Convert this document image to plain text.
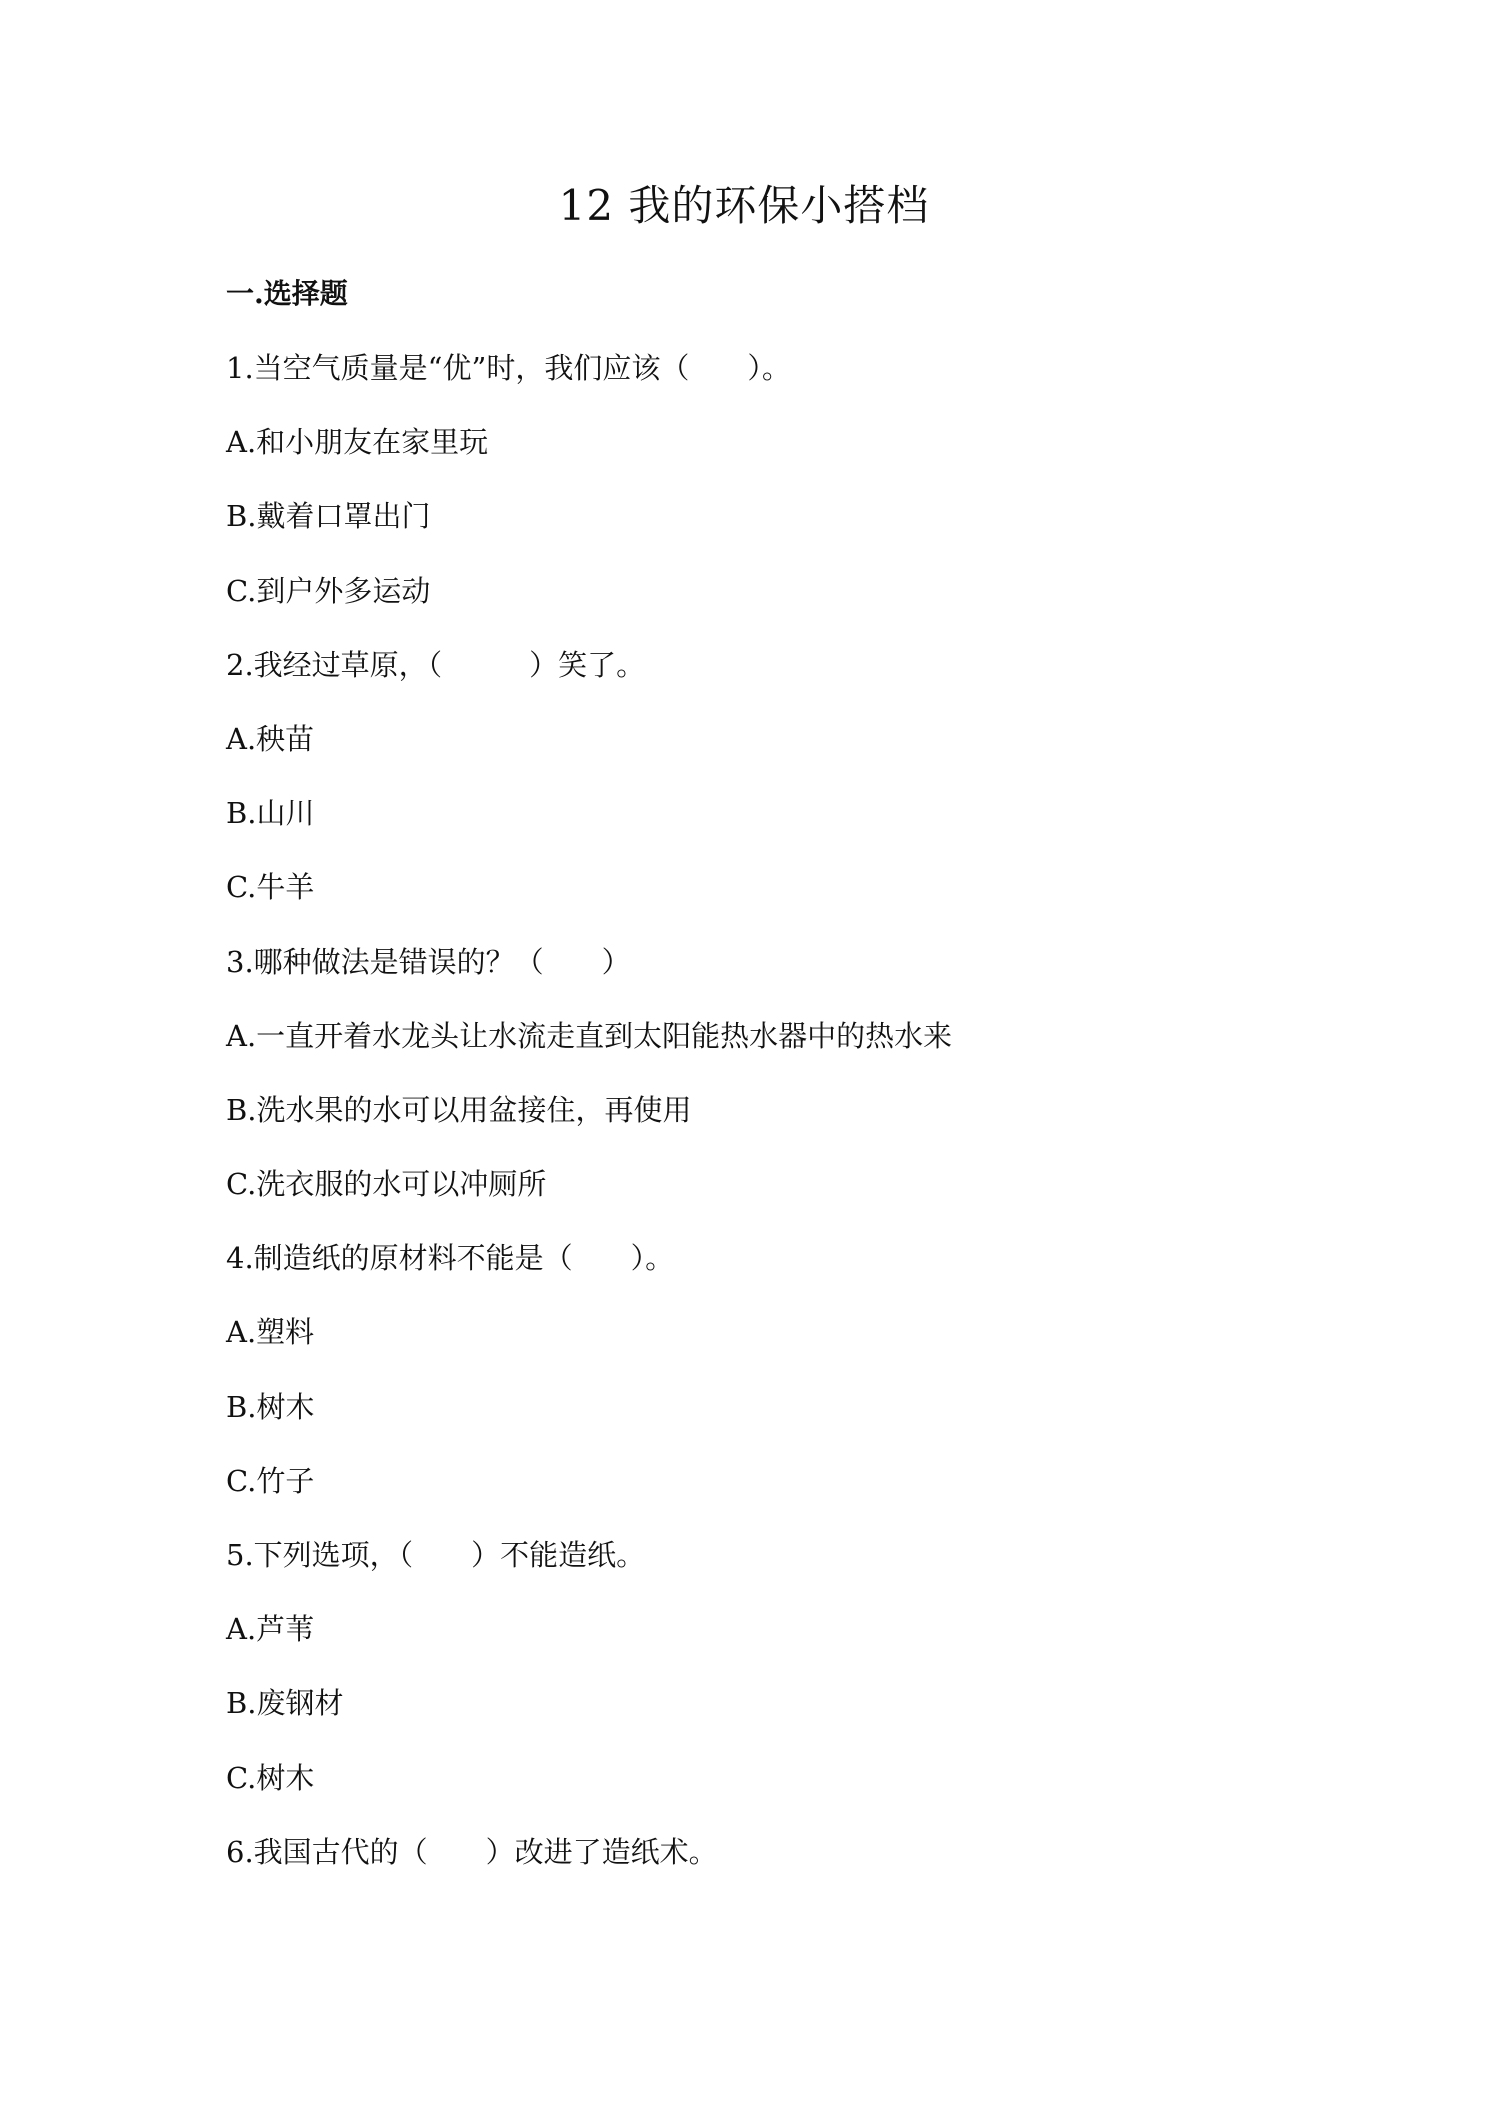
12 我的环保小搭档
一.选择题
1.当空气质量是“优”时，我们应该（　　）。
A.和小朋友在家里玩
B.戴着口罩出门
C.到户外多运动
2.我经过草原，（　　　）笑了。
A.秧苗
B.山川
C.牛羊
3.哪种做法是错误的？（　　）
A.一直开着水龙头让水流走直到太阳能热水器中的热水来
B.洗水果的水可以用盆接住，再使用
C.洗衣服的水可以冲厕所
4.制造纸的原材料不能是（　　）。
A.塑料
B.树木
C.竹子
5.下列选项，（　　）不能造纸。
A.芦苇
B.废钢材
C.树木
6.我国古代的（　　）改进了造纸术。
